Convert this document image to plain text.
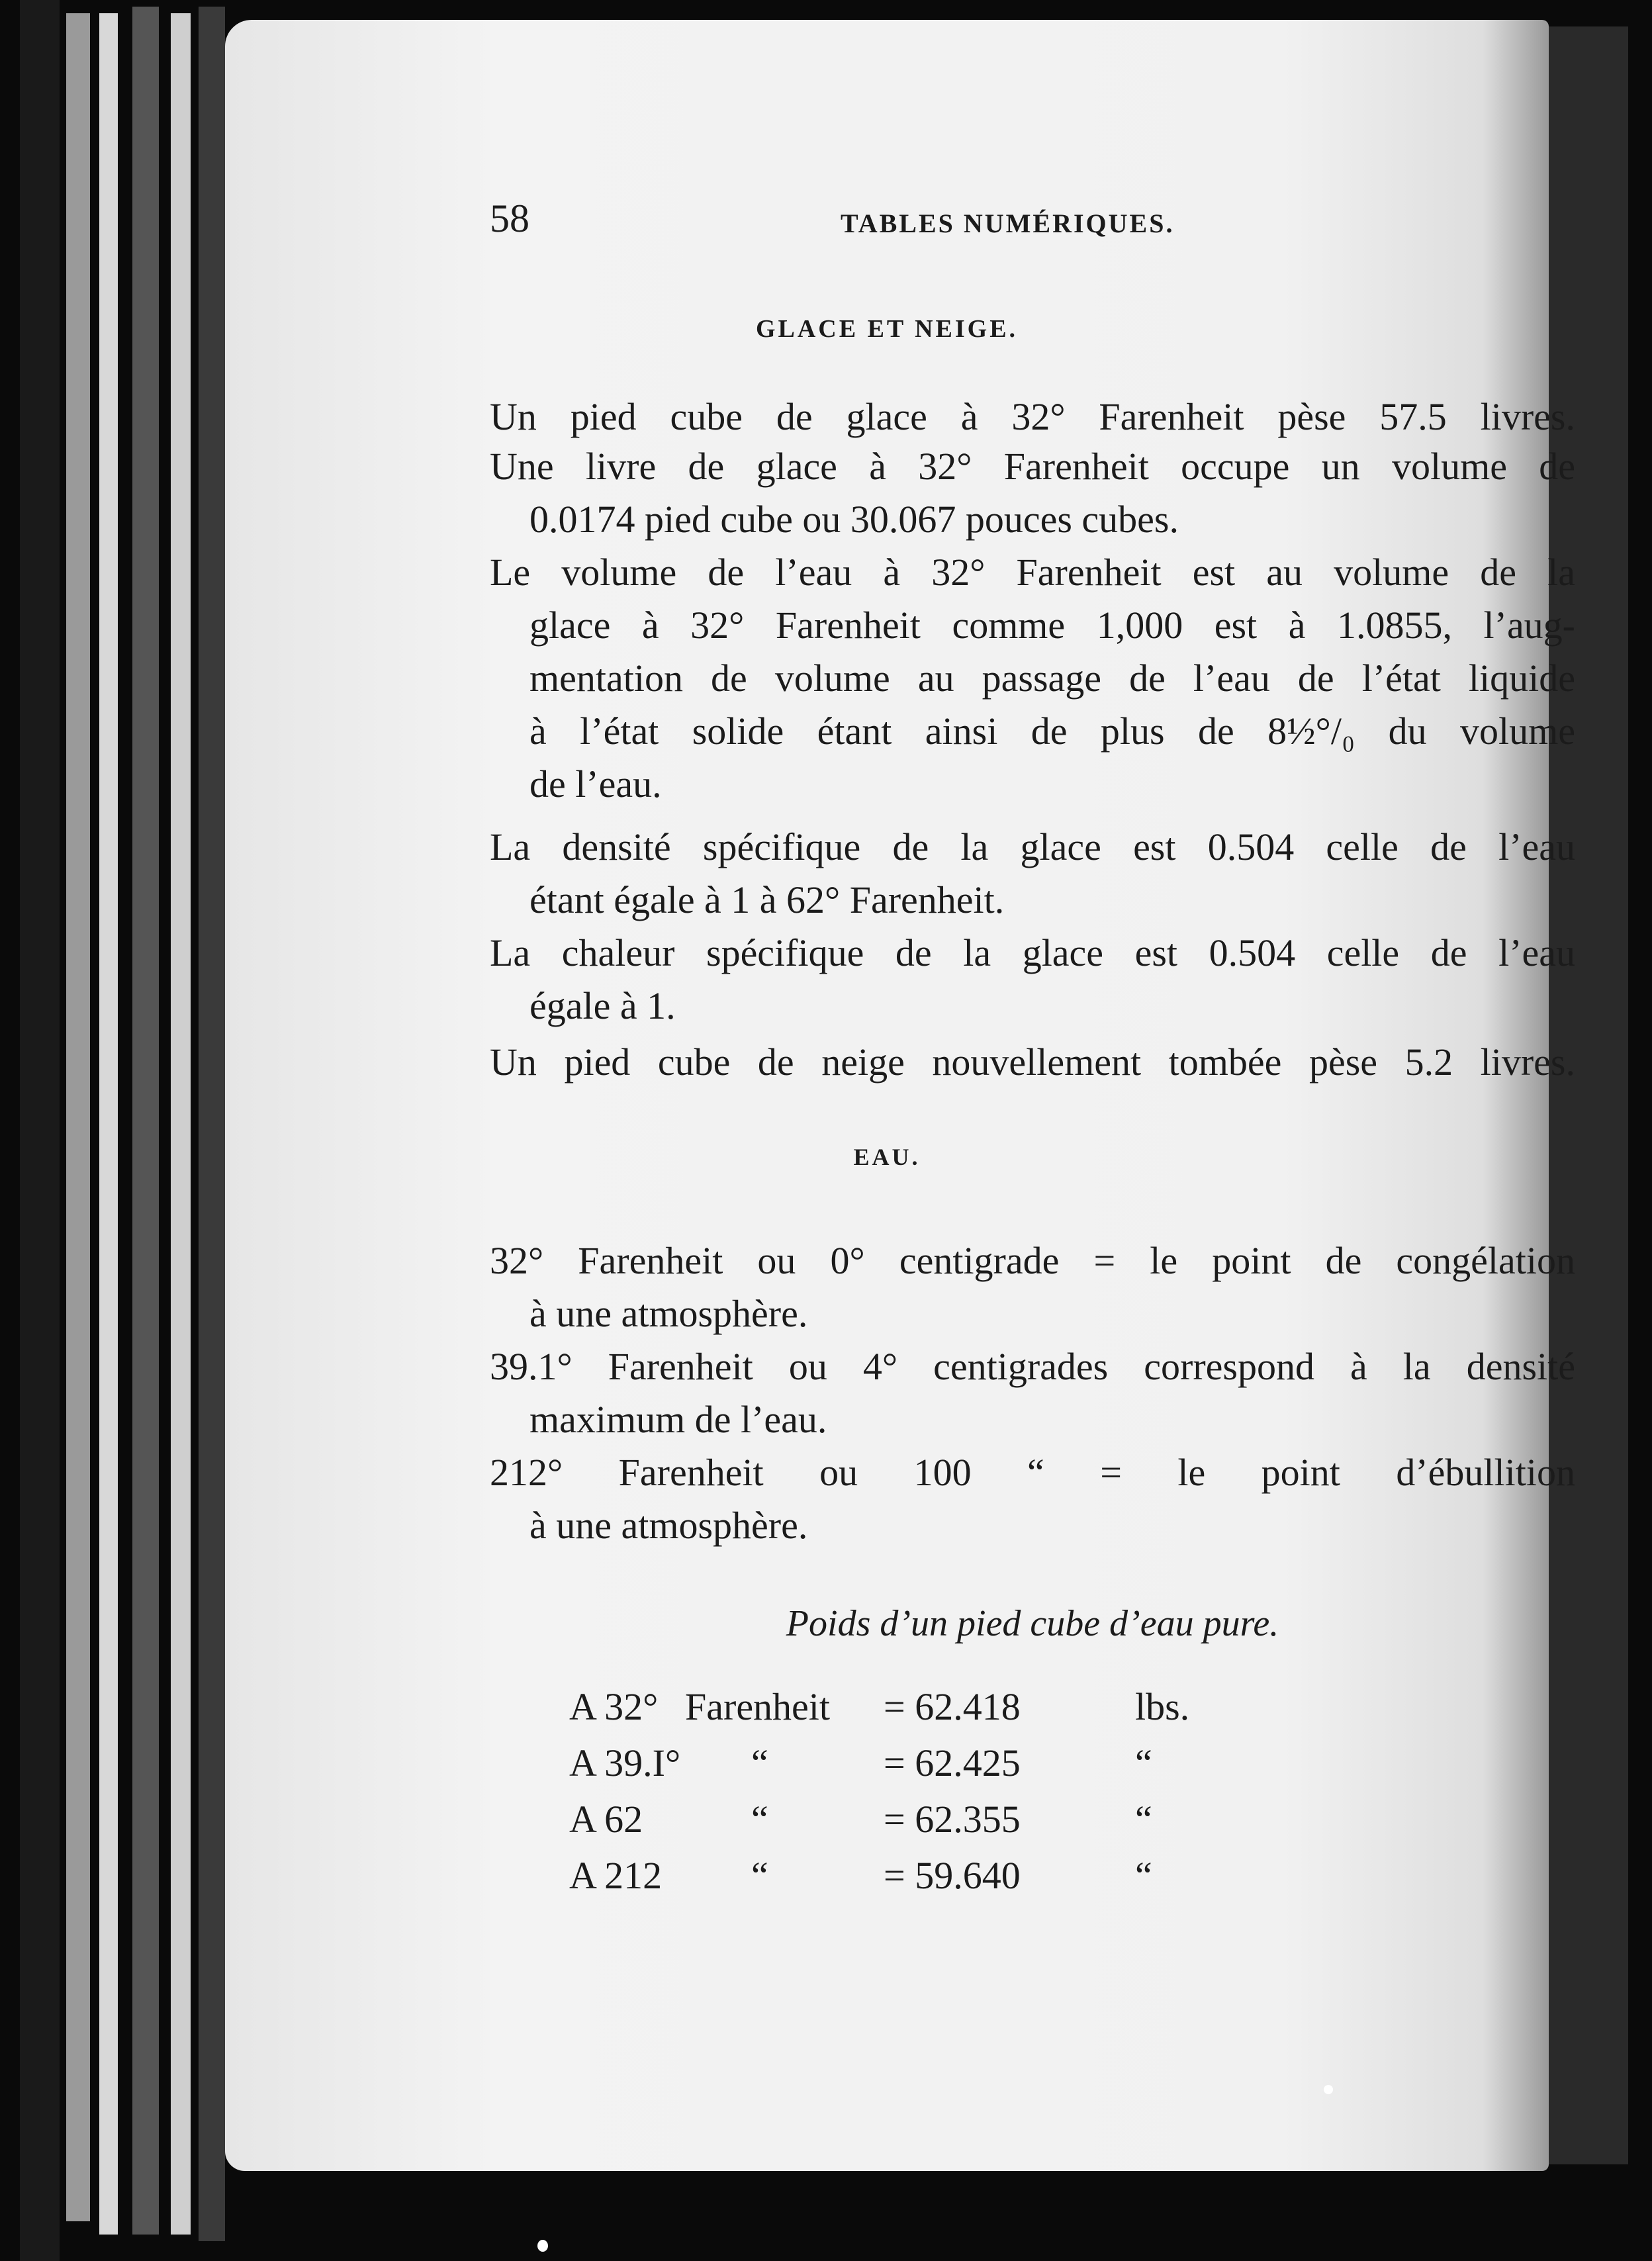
58	TABLES NUMÉRIQUES.
GLACE ET NEIGE.
Un pied cube de glace à 32° Farenheit pèse 57.5 livres.
Une livre de glace à 32° Farenheit occupe un volume de
0.0174 pied cube ou 30.067 pouces cubes.
Le volume de l’eau à 32° Farenheit est au volume de la
glace à 32° Farenheit comme 1,000 est à 1.0855, l’aug-
mentation de volume au passage de l’eau de l’état liquide
à l’état solide étant ainsi de plus de 8½°/₀ du volume
de l’eau.
La densité spécifique de la glace est 0.504 celle de l’eau
étant égale à 1 à 62° Farenheit.
La chaleur spécifique de la glace est 0.504 celle de l’eau
égale à 1.
Un pied cube de neige nouvellement tombée pèse 5.2 livres.
EAU.
32° Farenheit ou 0° centigrade = le point de congélation
à une atmosphère.
39.1° Farenheit ou 4° centigrades correspond à la densité
maximum de l’eau.
212° Farenheit ou 100 “ = le point d’ébullition
à une atmosphère.
Poids d’un pied cube d’eau pure.
A 32° Farenheit	= 62.418	lbs.
A 39.I°	“	= 62.425	“
A 62	“	= 62.355	“
A 212	“	= 59.640	“
